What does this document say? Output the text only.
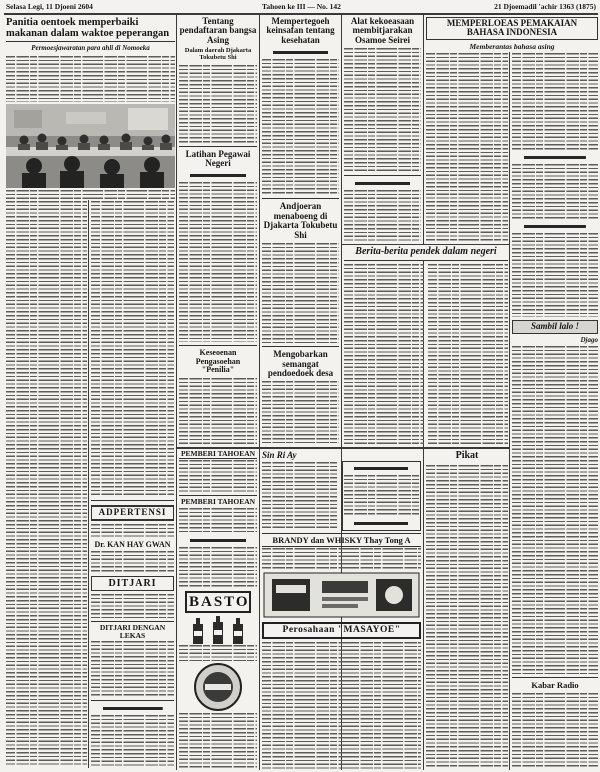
Selasa Legi, 11 Djoeni 2604	Tahoen ke III — No. 142	21 Djoemadil 'achir 1363 (1875)
Panitia oentoek memperbaiki makanan dalam waktoe peperangan
Permoesjawaratan para ahli di Nomoeka
ADPERTENSI
Dr. KAN HAY GWAN
DITJARI
DITJARI DENGAN LEKAS
Tentang pendaftaran bangsa Asing
Dalam daerah Djakarta Tokubetu Shi
Latihan Pegawai Negeri
Keseoenan Pengasoehan "Penilia"
Mempertegoeh keinsafan tentang kesehatan
Andjoeran menaboeng di Djakarta Tokubetu Shi
Mengobarkan semangat pendoedoek desa
Alat kekoeasaan membitjarakan Osamoe Seirei
Berita-berita pendek dalam negeri
MEMPERLOEAS PEMAKAIAN BAHASA INDONESIA
Memberantas bahasa asing
Sambil lalo !
Djago
Kabar Radio
PEMBERI TAHOEAN
PEMBERI TAHOEAN
BASTO
Sin Ri Ay
BRANDY dan WHISKY Thay Tong A
Perosahaan "MASAYOE"
Pikat
